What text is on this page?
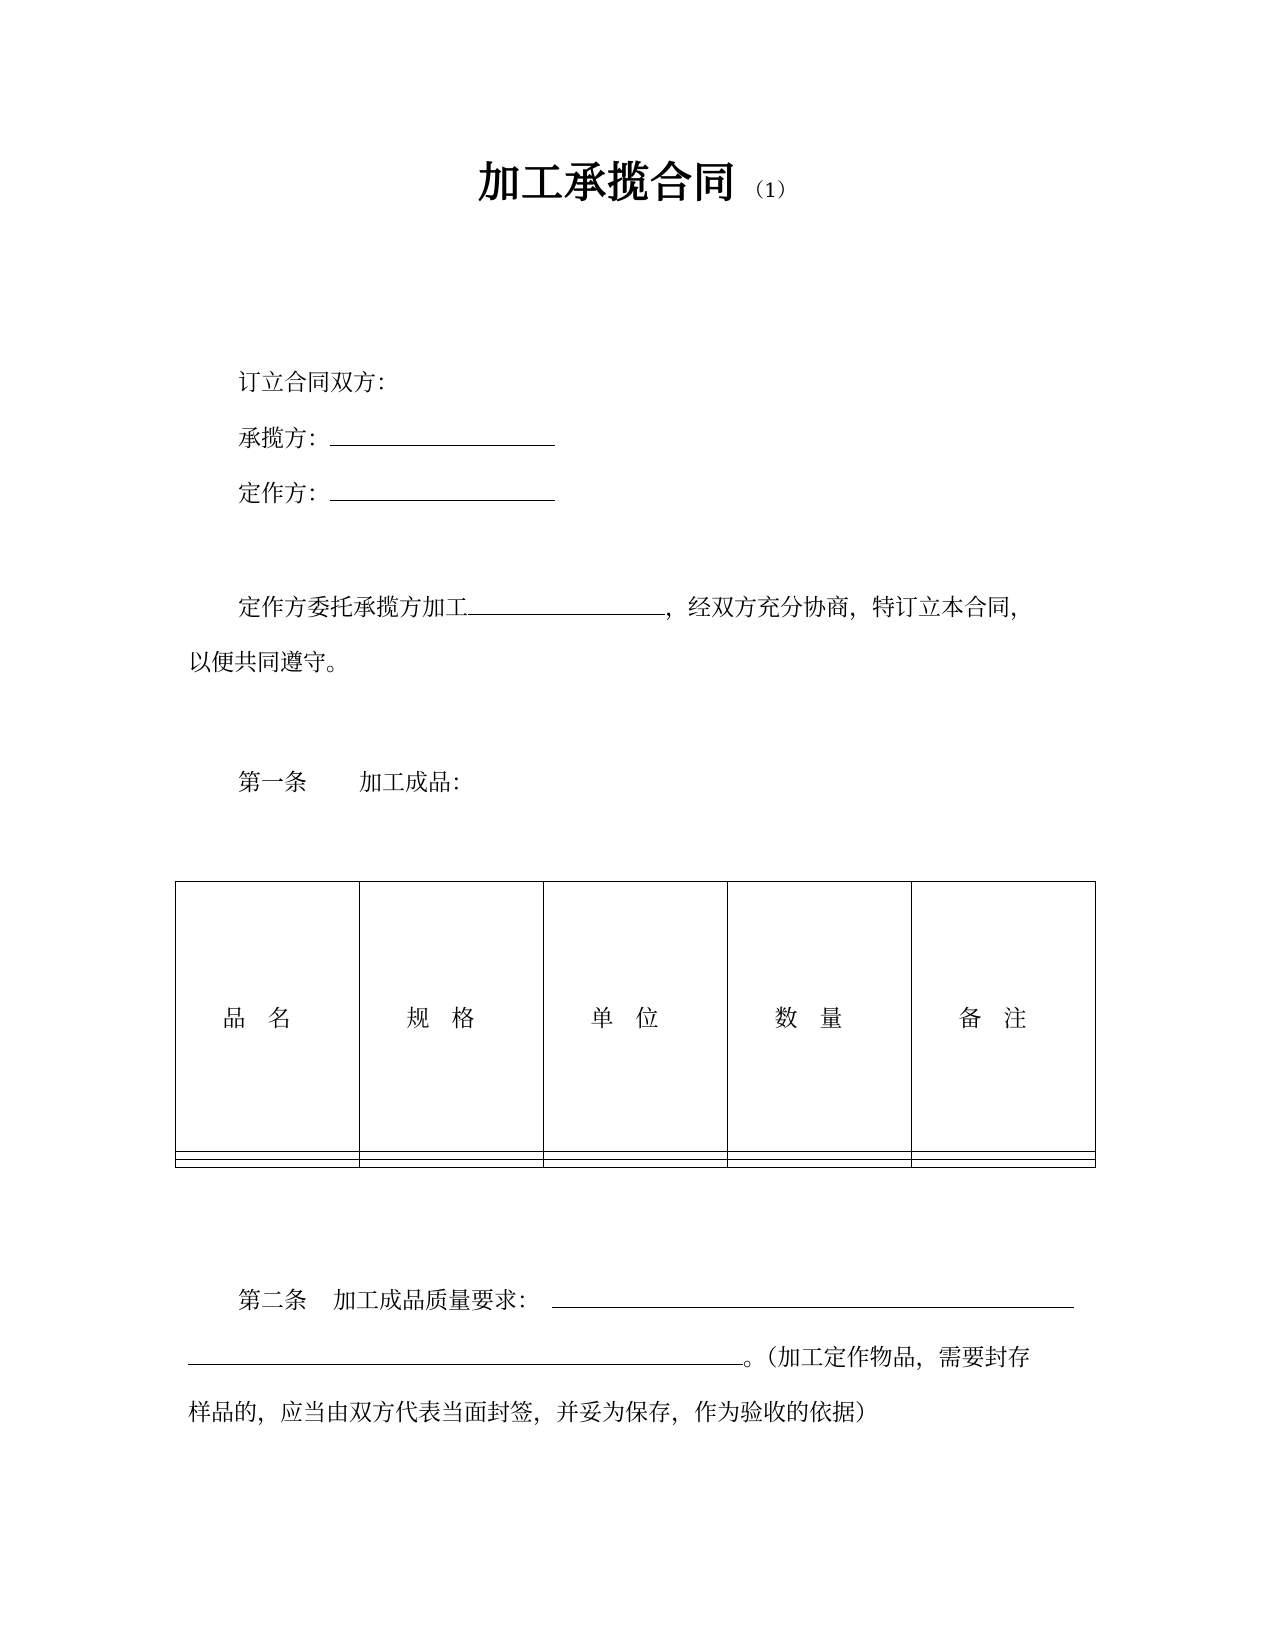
加工承揽合同 （1）
订立合同双方：
承揽方：
定作方：
定作方委托承揽方加工	，经双方充分协商，特订立本合同，
以便共同遵守。
第一条 加工成品：
品名	规格	单位	数量	备注

第二条 加工成品质量要求：
。（加工定作物品，需要封存
样品的，应当由双方代表当面封签，并妥为保存，作为验收的依据）
